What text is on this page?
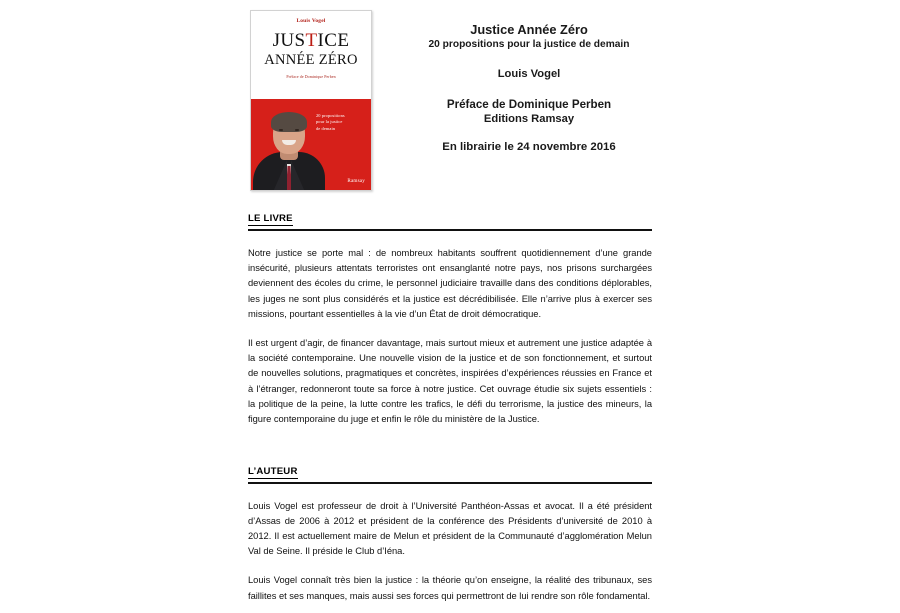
Louis Vogel
JUSTICE
ANNÉE ZÉRO
Préface de Dominique Perben
20 propositions
pour la justice
de demain
Ramsay
Justice Année Zéro
20 propositions pour la justice de demain
Louis Vogel
Préface de Dominique Perben
Editions Ramsay
En librairie le 24 novembre 2016
LE LIVRE

Notre justice se porte mal : de nombreux habitants souffrent quotidiennement d’une grande insécurité, plusieurs attentats terroristes ont ensanglanté notre pays, nos prisons surchargées deviennent des écoles du crime, le personnel judiciaire travaille dans des conditions déplorables, les juges ne sont plus considérés et la justice est décrédibilisée. Elle n’arrive plus à exercer ses missions, pourtant essentielles à la vie d’un État de droit démocratique.

Il est urgent d’agir, de financer davantage, mais surtout mieux et autrement une justice adaptée à la société contemporaine. Une nouvelle vision de la justice et de son fonctionnement, et surtout de nouvelles solutions, pragmatiques et concrètes, inspirées d’expériences réussies en France et à l’étranger, redonneront toute sa force à notre justice. Cet ouvrage étudie six sujets essentiels : la politique de la peine, la lutte contre les trafics, le défi du terrorisme, la justice des mineurs, la figure contemporaine du juge et enfin le rôle du ministère de la Justice.

L’AUTEUR

Louis Vogel est professeur de droit à l’Université Panthéon-Assas et avocat. Il a été président d’Assas de 2006 à 2012 et président de la conférence des Présidents d’université de 2010 à 2012. Il est actuellement maire de Melun et président de la Communauté d’agglomération Melun Val de Seine. Il préside le Club d’Iéna.

Louis Vogel connaît très bien la justice : la théorie qu’on enseigne, la réalité des tribunaux, ses faillites et ses manques, mais aussi ses forces qui permettront de lui rendre son rôle fondamental.
